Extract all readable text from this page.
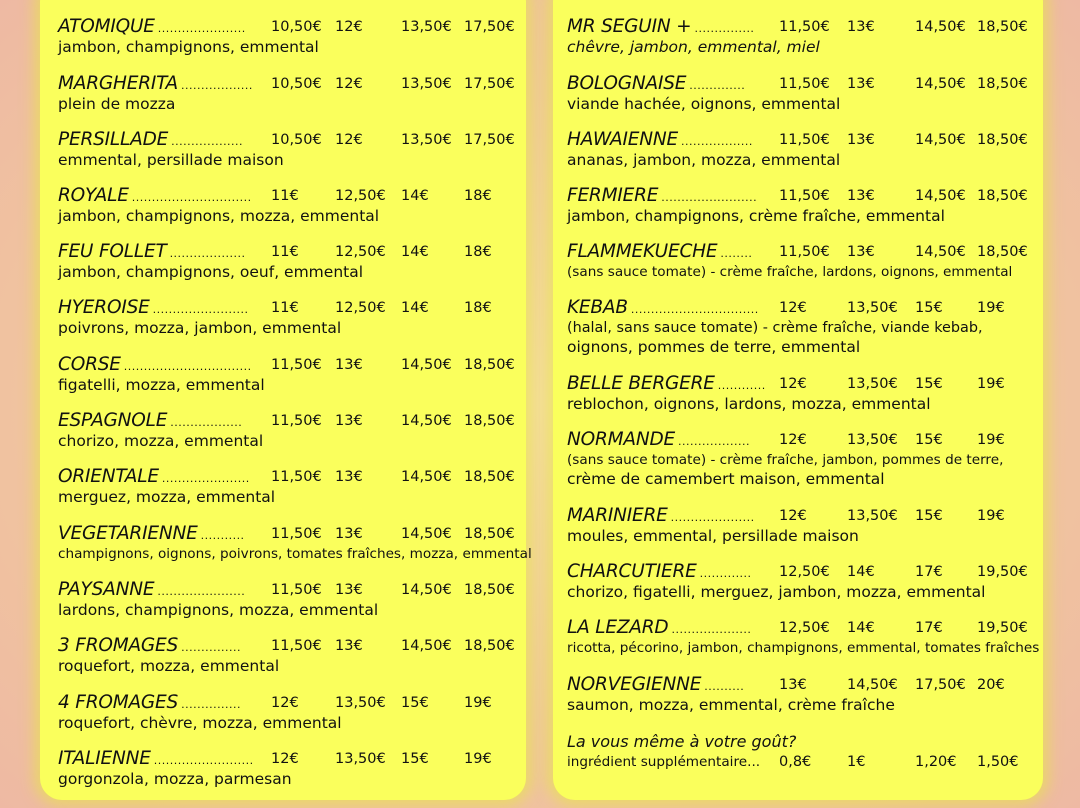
ATOMIQUE ...................... 10,50€ 12€	13,50€ 17,50€
jambon, champignons, emmental
MARGHERITA .................. 10,50€ 12€	13,50€ 17,50€
plein de mozza
PERSILLADE .................. 10,50€ 12€	13,50€ 17,50€
emmental, persillade maison
ROYALE .............................. 11€	12,50€ 14€ 18€
jambon, champignons, mozza, emmental
FEU FOLLET ................... 11€	12,50€ 14€ 18€
jambon, champignons, oeuf, emmental
HYEROISE ........................ 11€	12,50€ 14€ 18€
poivrons, mozza, jambon, emmental
CORSE ................................ 11,50€ 13€	14,50€ 18,50€
figatelli, mozza, emmental
ESPAGNOLE .................. 11,50€ 13€	14,50€ 18,50€
chorizo, mozza, emmental
ORIENTALE ...................... 11,50€ 13€	14,50€ 18,50€
merguez, mozza, emmental
VEGETARIENNE ........... 11,50€ 13€	14,50€ 18,50€
champignons, oignons, poivrons, tomates fraîches, mozza, emmental
PAYSANNE ...................... 11,50€ 13€	14,50€ 18,50€
lardons, champignons, mozza, emmental
3 FROMAGES ............... 11,50€ 13€	14,50€ 18,50€
roquefort, mozza, emmental
4 FROMAGES ............... 12€	13,50€ 15€ 19€
roquefort, chèvre, mozza, emmental
ITALIENNE ......................... 12€	13,50€ 15€ 19€
gorgonzola, mozza, parmesan
La vous même à votre goût?
ingrédient supplémentaire... 0,8€ 1€	1,20€ 1,50€
MR SEGUIN + ............... 11,50€ 13€	14,50€ 18,50€
chêvre, jambon, emmental, miel
BOLOGNAISE .............. 11,50€ 13€	14,50€ 18,50€
viande hachée, oignons, emmental
HAWAIENNE .................. 11,50€ 13€	14,50€ 18,50€
ananas, jambon, mozza, emmental
FERMIERE ........................ 11,50€ 13€	14,50€ 18,50€
jambon, champignons, crème fraîche, emmental
FLAMMEKUECHE ........ 11,50€ 13€	14,50€ 18,50€
(sans sauce tomate) - crème fraîche, lardons, oignons, emmental
KEBAB ................................ 12€	13,50€ 15€ 19€
(halal, sans sauce tomate) - crème fraîche, viande kebab,
oignons, pommes de terre, emmental
BELLE BERGERE ............ 12€	13,50€ 15€ 19€
reblochon, oignons, lardons, mozza, emmental
NORMANDE .................. 12€	13,50€ 15€ 19€
(sans sauce tomate) - crème fraîche, jambon, pommes de terre,
crème de camembert maison, emmental
MARINIERE ..................... 12€	13,50€ 15€ 19€
moules, emmental, persillade maison
CHARCUTIERE ............. 12,50€ 14€	17€ 19,50€
chorizo, figatelli, merguez, jambon, mozza, emmental
LA LEZARD .................... 12,50€ 14€	17€ 19,50€
ricotta, pécorino, jambon, champignons, emmental, tomates fraîches
NORVEGIENNE .......... 13€	14,50€ 17,50€ 20€
saumon, mozza, emmental, crème fraîche
